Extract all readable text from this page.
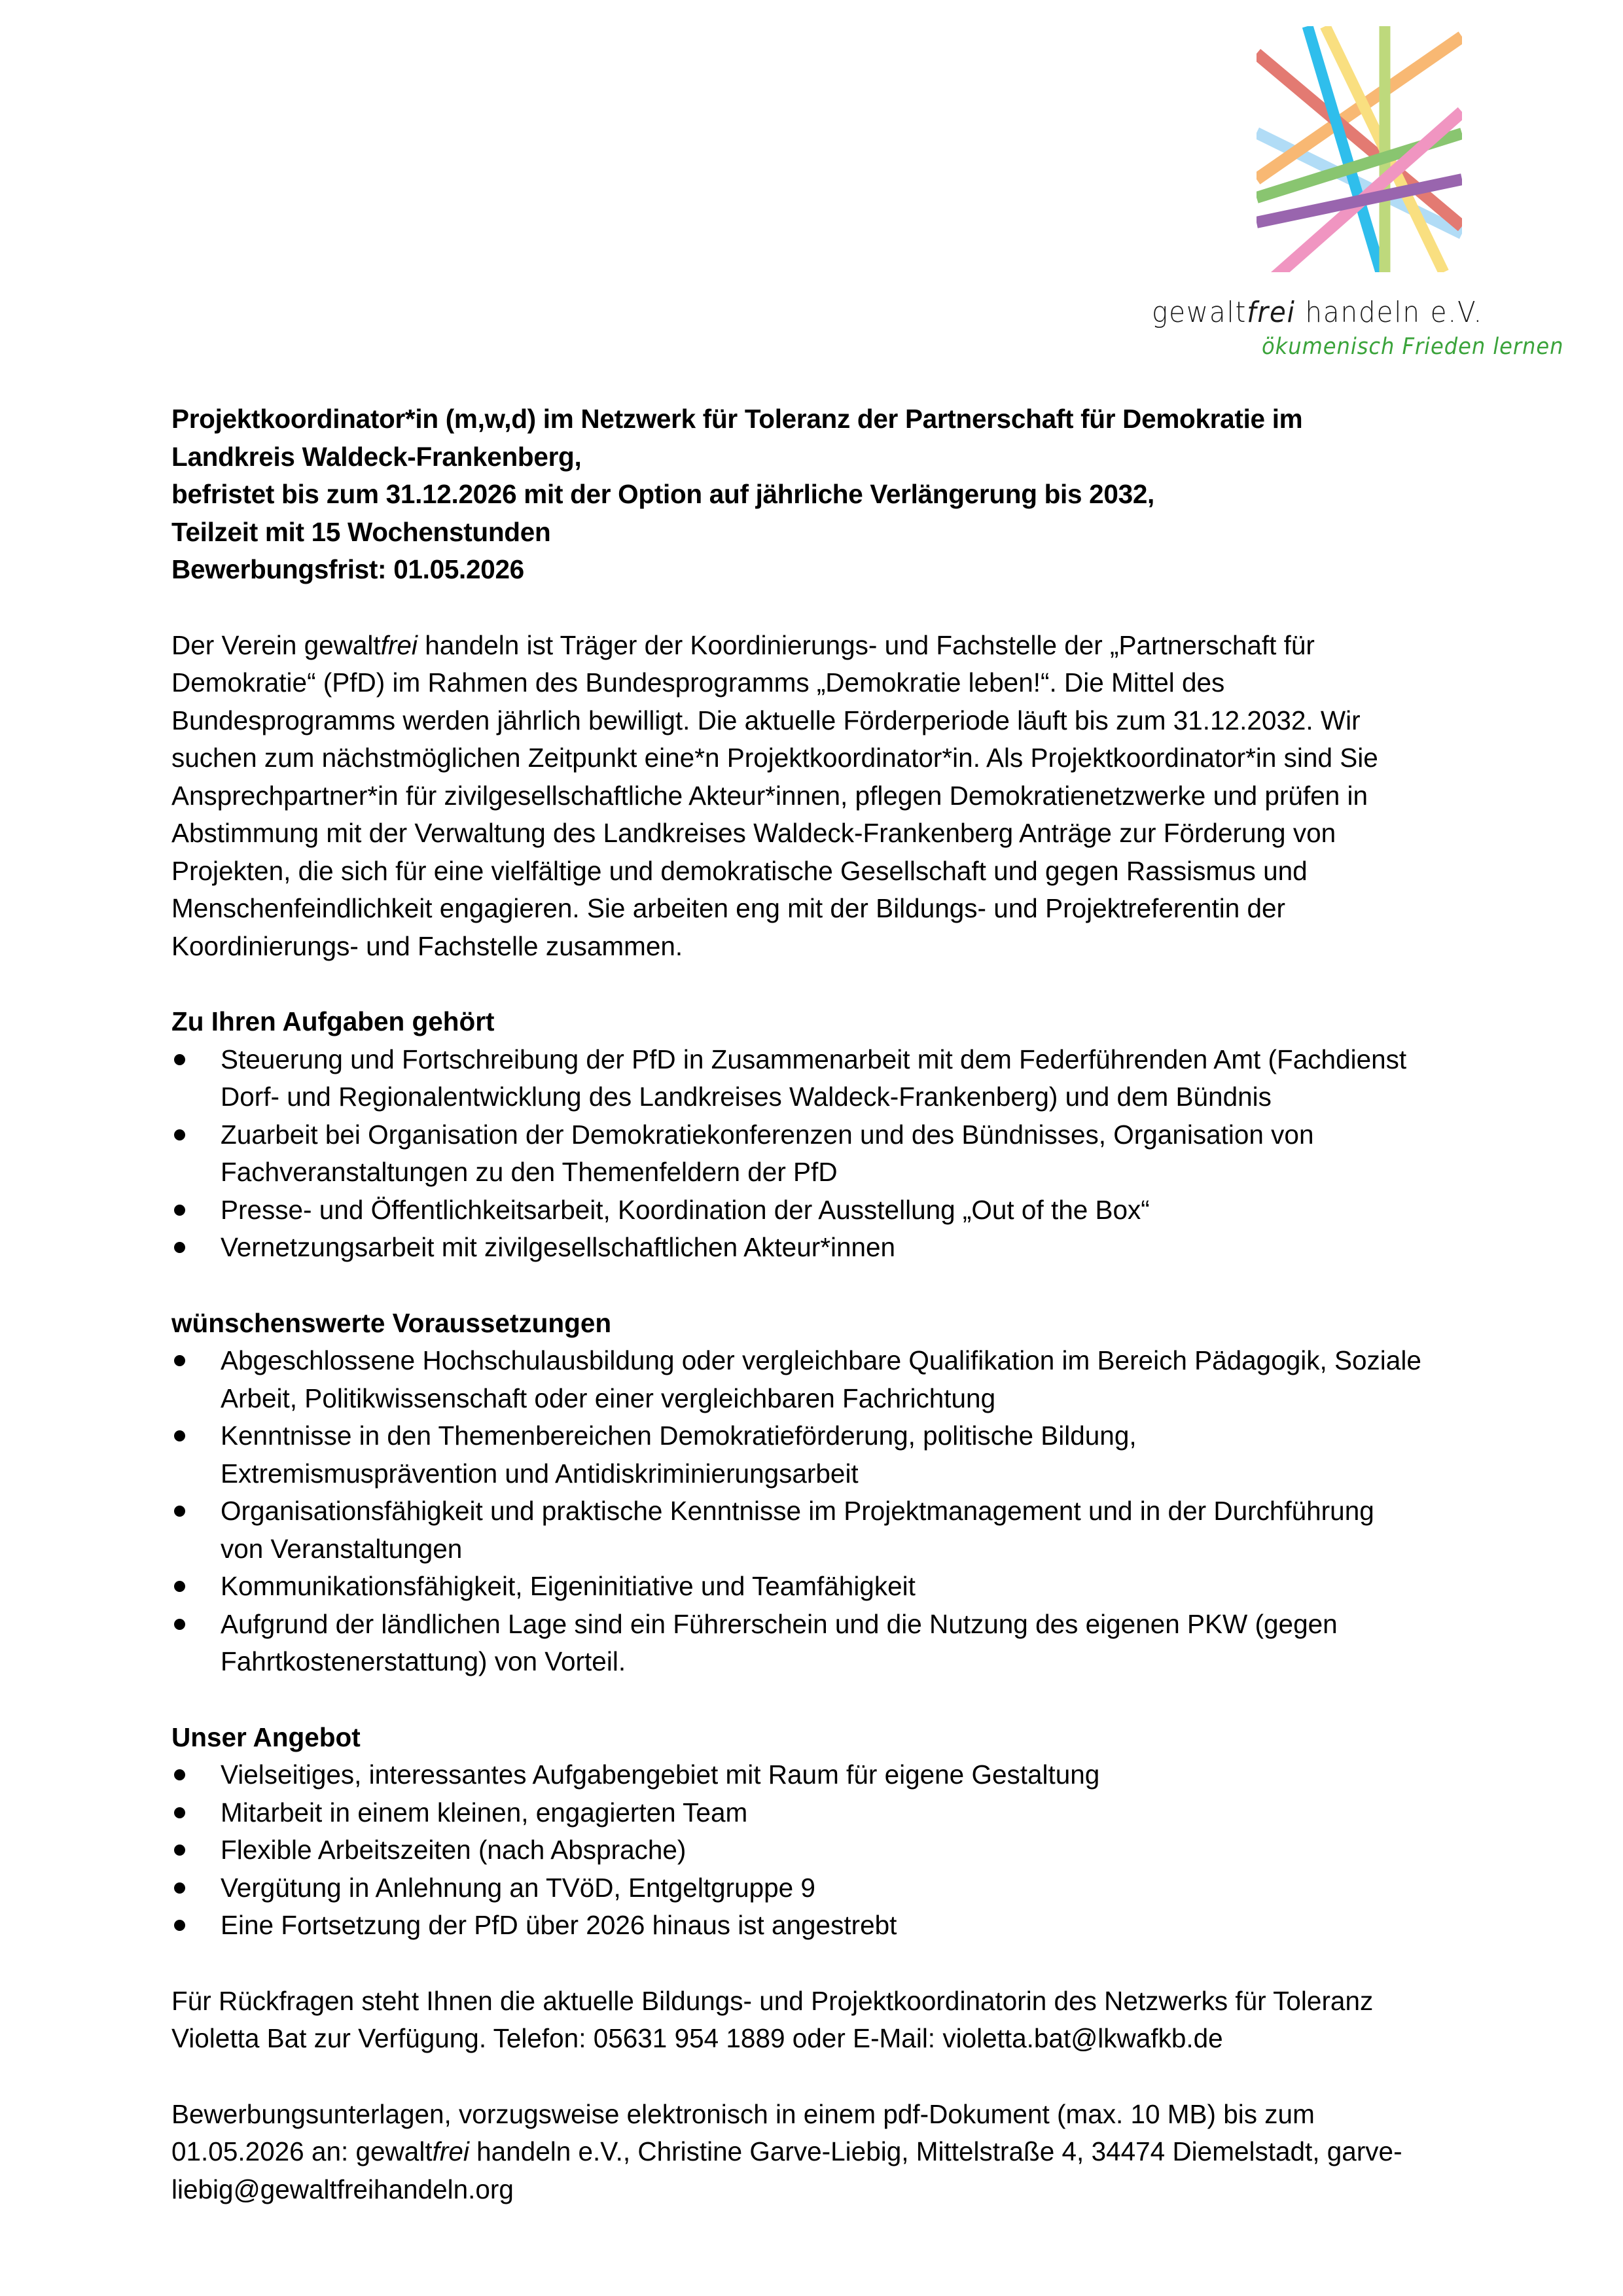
gewaltfrei handeln e.V.
ökumenisch Frieden lernen
Projektkoordinator*in (m,w,d) im Netzwerk für Toleranz der Partnerschaft für Demokratie im
Landkreis Waldeck-Frankenberg,
befristet bis zum 31.12.2026 mit der Option auf jährliche Verlängerung bis 2032,
Teilzeit mit 15 Wochenstunden
Bewerbungsfrist: 01.05.2026
Der Verein gewaltfrei handeln ist Träger der Koordinierungs- und Fachstelle der „Partnerschaft für
Demokratie“ (PfD) im Rahmen des Bundesprogramms „Demokratie leben!“. Die Mittel des
Bundesprogramms werden jährlich bewilligt. Die aktuelle Förderperiode läuft bis zum 31.12.2032. Wir
suchen zum nächstmöglichen Zeitpunkt eine*n Projektkoordinator*in. Als Projektkoordinator*in sind Sie
Ansprechpartner*in für zivilgesellschaftliche Akteur*innen, pflegen Demokratienetzwerke und prüfen in
Abstimmung mit der Verwaltung des Landkreises Waldeck-Frankenberg Anträge zur Förderung von
Projekten, die sich für eine vielfältige und demokratische Gesellschaft und gegen Rassismus und
Menschenfeindlichkeit engagieren. Sie arbeiten eng mit der Bildungs- und Projektreferentin der
Koordinierungs- und Fachstelle zusammen.
Zu Ihren Aufgaben gehört
Steuerung und Fortschreibung der PfD in Zusammenarbeit mit dem Federführenden Amt (Fachdienst
Dorf- und Regionalentwicklung des Landkreises Waldeck-Frankenberg) und dem Bündnis
Zuarbeit bei Organisation der Demokratiekonferenzen und des Bündnisses, Organisation von
Fachveranstaltungen zu den Themenfeldern der PfD
Presse- und Öffentlichkeitsarbeit, Koordination der Ausstellung „Out of the Box“
Vernetzungsarbeit mit zivilgesellschaftlichen Akteur*innen
wünschenswerte Voraussetzungen
Abgeschlossene Hochschulausbildung oder vergleichbare Qualifikation im Bereich Pädagogik, Soziale
Arbeit, Politikwissenschaft oder einer vergleichbaren Fachrichtung
Kenntnisse in den Themenbereichen Demokratieförderung, politische Bildung,
Extremismusprävention und Antidiskriminierungsarbeit
Organisationsfähigkeit und praktische Kenntnisse im Projektmanagement und in der Durchführung
von Veranstaltungen
Kommunikationsfähigkeit, Eigeninitiative und Teamfähigkeit
Aufgrund der ländlichen Lage sind ein Führerschein und die Nutzung des eigenen PKW (gegen
Fahrtkostenerstattung) von Vorteil.
Unser Angebot
Vielseitiges, interessantes Aufgabengebiet mit Raum für eigene Gestaltung
Mitarbeit in einem kleinen, engagierten Team
Flexible Arbeitszeiten (nach Absprache)
Vergütung in Anlehnung an TVöD, Entgeltgruppe 9
Eine Fortsetzung der PfD über 2026 hinaus ist angestrebt
Für Rückfragen steht Ihnen die aktuelle Bildungs- und Projektkoordinatorin des Netzwerks für Toleranz
Violetta Bat zur Verfügung. Telefon: 05631 954 1889 oder E-Mail: violetta.bat@lkwafkb.de
Bewerbungsunterlagen, vorzugsweise elektronisch in einem pdf-Dokument (max. 10 MB) bis zum
01.05.2026 an: gewaltfrei handeln e.V., Christine Garve-Liebig, Mittelstraße 4, 34474 Diemelstadt, garve-
liebig@gewaltfreihandeln.org
